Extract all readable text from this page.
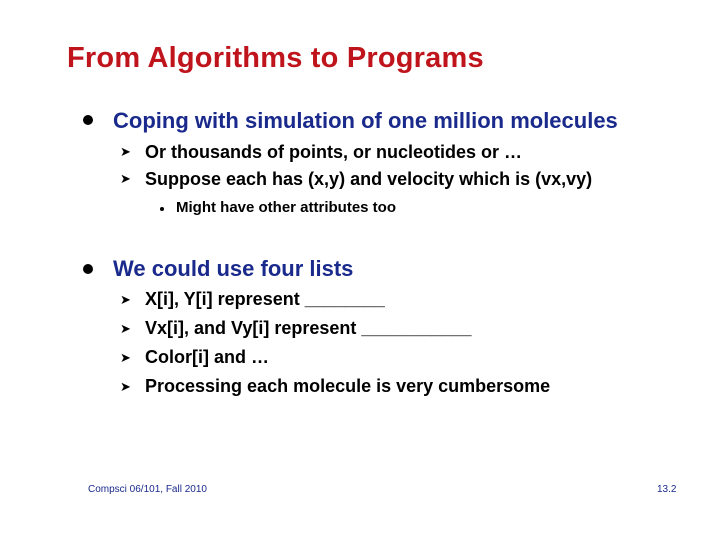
From Algorithms to Programs
Coping with simulation of one million molecules
➤ Or thousands of points, or nucleotides or …
➤ Suppose each has (x,y) and velocity which is (vx,vy)
Might have other attributes too
We could use four lists
➤ X[i], Y[i] represent ________
➤ Vx[i], and Vy[i] represent ___________
➤ Color[i] and …
➤ Processing each molecule is very cumbersome
Compsci 06/101, Fall 2010	13.2
